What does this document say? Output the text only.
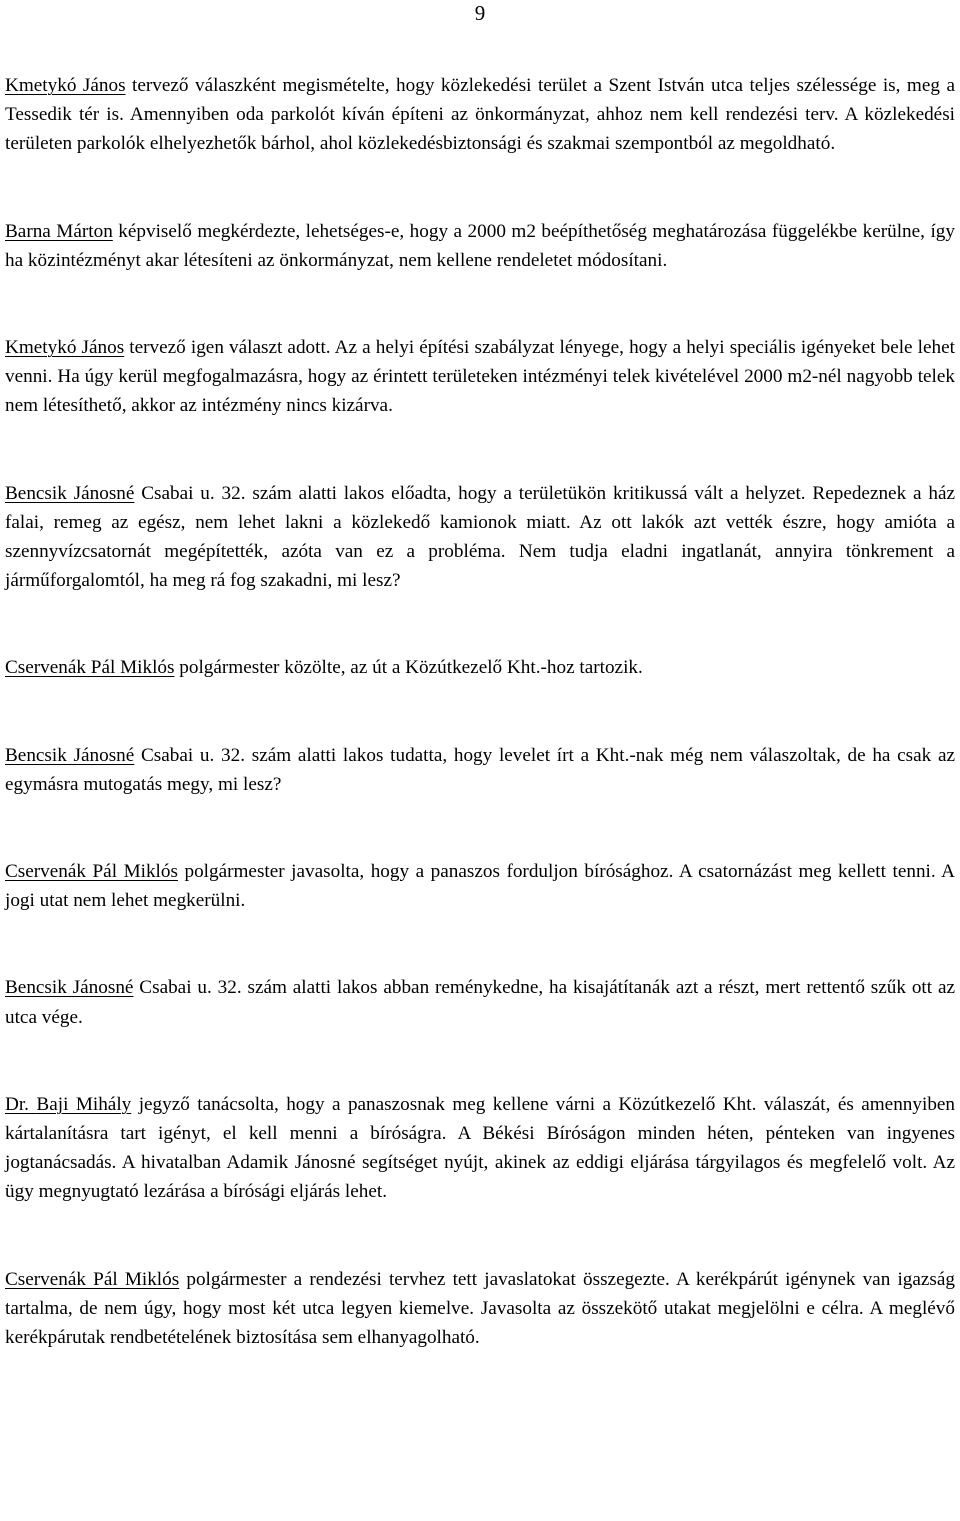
9

Kmetykó János tervező válaszként megismételte, hogy közlekedési terület a Szent István utca teljes szélessége is, meg a Tessedik tér is. Amennyiben oda parkolót kíván építeni az önkormányzat, ahhoz nem kell rendezési terv. A közlekedési területen parkolók elhelyezhetők bárhol, ahol közlekedésbiztonsági és szakmai szempontból az megoldható.

Barna Márton képviselő megkérdezte, lehetséges-e, hogy a 2000 m2 beépíthetőség meghatározása függelékbe kerülne, így ha közintézményt akar létesíteni az önkormányzat, nem kellene rendeletet módosítani.

Kmetykó János tervező igen választ adott. Az a helyi építési szabályzat lényege, hogy a helyi speciális igényeket bele lehet venni. Ha úgy kerül megfogalmazásra, hogy az érintett területeken intézményi telek kivételével 2000 m2-nél nagyobb telek nem létesíthető, akkor az intézmény nincs kizárva.

Bencsik Jánosné Csabai u. 32. szám alatti lakos előadta, hogy a területükön kritikussá vált a helyzet. Repedeznek a ház falai, remeg az egész, nem lehet lakni a közlekedő kamionok miatt. Az ott lakók azt vették észre, hogy amióta a szennyvízcsatornát megépítették, azóta van ez a probléma. Nem tudja eladni ingatlanát, annyira tönkrement a járműforgalomtól, ha meg rá fog szakadni, mi lesz?

Cservenák Pál Miklós polgármester közölte, az út a Közútkezelő Kht.-hoz tartozik.

Bencsik Jánosné Csabai u. 32. szám alatti lakos tudatta, hogy levelet írt a Kht.-nak még nem válaszoltak, de ha csak az egymásra mutogatás megy, mi lesz?

Cservenák Pál Miklós polgármester javasolta, hogy a panaszos forduljon bírósághoz. A csatornázást meg kellett tenni. A jogi utat nem lehet megkerülni.

Bencsik Jánosné Csabai u. 32. szám alatti lakos abban reménykedne, ha kisajátítanák azt a részt, mert rettentő szűk ott az utca vége.

Dr. Baji Mihály jegyző tanácsolta, hogy a panaszosnak meg kellene várni a Közútkezelő Kht. válaszát, és amennyiben kártalanításra tart igényt, el kell menni a bíróságra. A Békési Bíróságon minden héten, pénteken van ingyenes jogtanácsadás. A hivatalban Adamik Jánosné segítséget nyújt, akinek az eddigi eljárása tárgyilagos és megfelelő volt. Az ügy megnyugtató lezárása a bírósági eljárás lehet.

Cservenák Pál Miklós polgármester a rendezési tervhez tett javaslatokat összegezte. A kerékpárút igénynek van igazság tartalma, de nem úgy, hogy most két utca legyen kiemelve. Javasolta az összekötő utakat megjelölni e célra. A meglévő kerékpárutak rendbetételének biztosítása sem elhanyagolható.
